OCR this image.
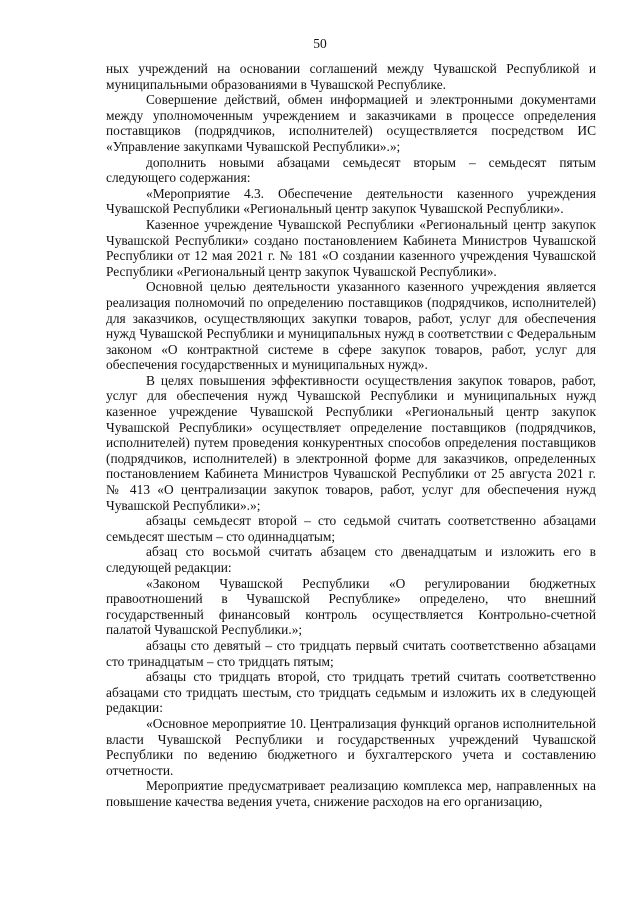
50

ных учреждений на основании соглашений между Чувашской Республикой и муниципальными образованиями в Чувашской Республике.

Совершение действий, обмен информацией и электронными документами между уполномоченным учреждением и заказчиками в процессе определения поставщиков (подрядчиков, исполнителей) осуществляется посредством ИС «Управление закупками Чувашской Республики».»;

дополнить новыми абзацами семьдесят вторым – семьдесят пятым следующего содержания:

«Мероприятие 4.3. Обеспечение деятельности казенного учреждения Чувашской Республики «Региональный центр закупок Чувашской Республики».

Казенное учреждение Чувашской Республики «Региональный центр закупок Чувашской Республики» создано постановлением Кабинета Министров Чувашской Республики от 12 мая 2021 г. № 181 «О создании казенного учреждения Чувашской Республики «Региональный центр закупок Чувашской Республики».

Основной целью деятельности указанного казенного учреждения является реализация полномочий по определению поставщиков (подрядчиков, исполнителей) для заказчиков, осуществляющих закупки товаров, работ, услуг для обеспечения нужд Чувашской Республики и муниципальных нужд в соответствии с Федеральным законом «О контрактной системе в сфере закупок товаров, работ, услуг для обеспечения государственных и муниципальных нужд».

В целях повышения эффективности осуществления закупок товаров, работ, услуг для обеспечения нужд Чувашской Республики и муниципальных нужд казенное учреждение Чувашской Республики «Региональный центр закупок Чувашской Республики» осуществляет определение поставщиков (подрядчиков, исполнителей) путем проведения конкурентных способов определения поставщиков (подрядчиков, исполнителей) в электронной форме для заказчиков, определенных постановлением Кабинета Министров Чувашской Республики от 25 августа 2021 г. № 413 «О централизации закупок товаров, работ, услуг для обеспечения нужд Чувашской Республики».»;

абзацы семьдесят второй – сто седьмой считать соответственно абзацами семьдесят шестым – сто одиннадцатым;

абзац сто восьмой считать абзацем сто двенадцатым и изложить его в следующей редакции:

«Законом Чувашской Республики «О регулировании бюджетных правоотношений в Чувашской Республике» определено, что внешний государственный финансовый контроль осуществляется Контрольно-счетной палатой Чувашской Республики.»;

абзацы сто девятый – сто тридцать первый считать соответственно абзацами сто тринадцатым – сто тридцать пятым;

абзацы сто тридцать второй, сто тридцать третий считать соответственно абзацами сто тридцать шестым, сто тридцать седьмым и изложить их в следующей редакции:

«Основное мероприятие 10. Централизация функций органов исполнительной власти Чувашской Республики и государственных учреждений Чувашской Республики по ведению бюджетного и бухгалтерского учета и составлению отчетности.

Мероприятие предусматривает реализацию комплекса мер, направленных на повышение качества ведения учета, снижение расходов на его организацию,
